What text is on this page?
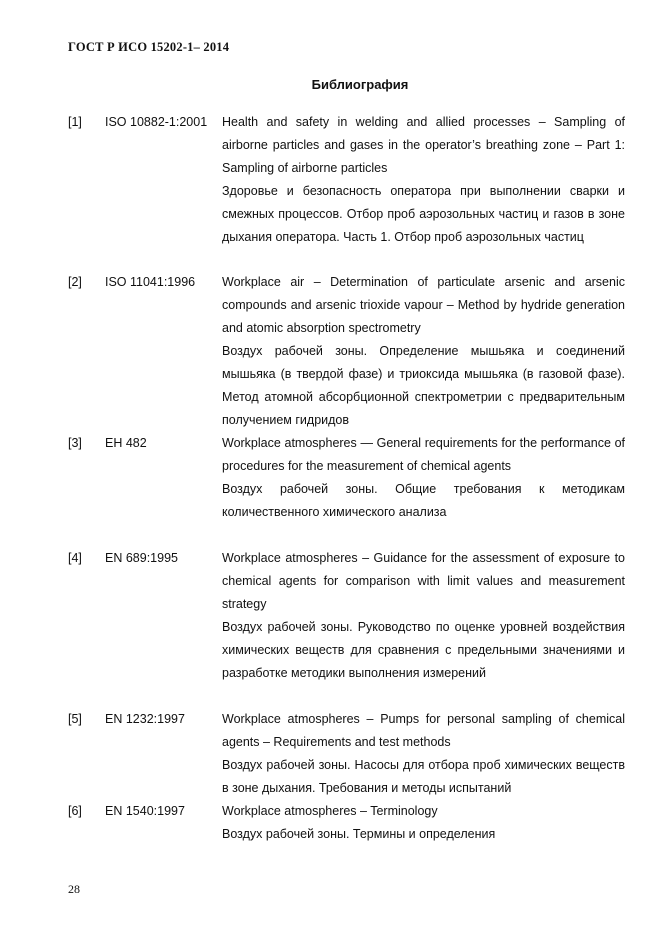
ГОСТ Р ИСО 15202-1– 2014
Библиография
[1] ISO 10882-1:2001	Health and safety in welding and allied processes – Sampling of airborne particles and gases in the operator’s breathing zone – Part 1: Sampling of airborne particles

Здоровье и безопасность оператора при выполнении сварки и смежных процессов. Отбор проб аэрозольных частиц и газов в зоне дыхания оператора. Часть 1. Отбор проб аэрозольных частиц

[2] ISO 11041:1996	Workplace air – Determination of particulate arsenic and arsenic compounds and arsenic trioxide vapour – Method by hydride generation and atomic absorption spectrometry

Воздух рабочей зоны. Определение мышьяка и соединений мышьяка (в твердой фазе) и триоксида мышьяка (в газовой фазе). Метод атомной абсорбционной спектрометрии с предварительным получением гидридов

[3] ЕН 482	Workplace atmospheres — General requirements for the performance of procedures for the measurement of chemical agents

Воздух рабочей зоны. Общие требования к методикам количественного химического анализа

[4] EN 689:1995	Workplace atmospheres – Guidance for the assessment of exposure to chemical agents for comparison with limit values and measurement strategy

Воздух рабочей зоны. Руководство по оценке уровней воздействия химических веществ для сравнения с предельными значениями и разработке методики выполнения измерений

[5] EN 1232:1997	Workplace atmospheres – Pumps for personal sampling of chemical agents – Requirements and test methods

Воздух рабочей зоны. Насосы для отбора проб химических веществ в зоне дыхания. Требования и методы испытаний

[6] EN 1540:1997	Workplace atmospheres – Terminology

Воздух рабочей зоны. Термины и определения

28
